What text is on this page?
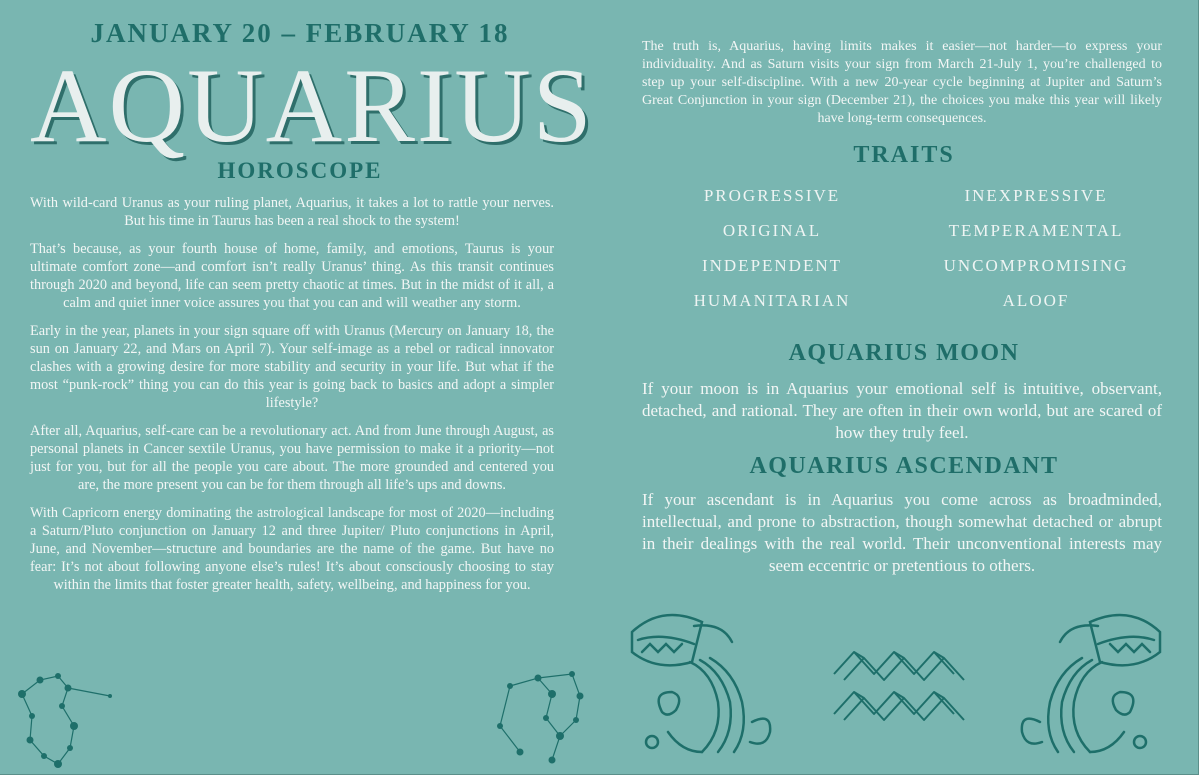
JANUARY 20 – FEBRUARY 18
AQUARIUS
HOROSCOPE

With wild-card Uranus as your ruling planet, Aquarius, it takes a lot to rattle your nerves. But his time in Taurus has been a real shock to the system!

That’s because, as your fourth house of home, family, and emotions, Taurus is your ultimate comfort zone—and comfort isn’t really Uranus’ thing. As this transit continues through 2020 and beyond, life can seem pretty chaotic at times. But in the midst of it all, a calm and quiet inner voice assures you that you can and will weather any storm.

Early in the year, planets in your sign square off with Uranus (Mercury on January 18, the sun on January 22, and Mars on April 7). Your self-image as a rebel or radical innovator clashes with a growing desire for more stability and security in your life. But what if the most “punk-rock” thing you can do this year is going back to basics and adopt a simpler lifestyle?

After all, Aquarius, self-care can be a revolutionary act. And from June through August, as personal planets in Cancer sextile Uranus, you have permission to make it a priority—not just for you, but for all the people you care about. The more grounded and centered you are, the more present you can be for them through all life’s ups and downs.

With Capricorn energy dominating the astrological landscape for most of 2020—including a Saturn/Pluto conjunction on January 12 and three Jupiter/ Pluto conjunctions in April, June, and November—structure and boundaries are the name of the game. But have no fear: It’s not about following anyone else’s rules! It’s about consciously choosing to stay within the limits that foster greater health, safety, wellbeing, and happiness for you.

The truth is, Aquarius, having limits makes it easier—not harder—to express your individuality. And as Saturn visits your sign from March 21-July 1, you’re challenged to step up your self-discipline. With a new 20-year cycle beginning at Jupiter and Saturn’s Great Conjunction in your sign (December 21), the choices you make this year will likely have long-term consequences.
TRAITS
PROGRESSIVE	INEXPRESSIVE
ORIGINAL	TEMPERAMENTAL
INDEPENDENT	UNCOMPROMISING
HUMANITARIAN	ALOOF
AQUARIUS MOON
If your moon is in Aquarius your emotional self is intuitive, observant, detached, and rational. They are often in their own world, but are scared of how they truly feel.
AQUARIUS ASCENDANT
If your ascendant is in Aquarius you come across as broadminded, intellectual, and prone to abstraction, though somewhat detached or abrupt in their dealings with the real world. Their unconventional interests may seem eccentric or pretentious to others.
